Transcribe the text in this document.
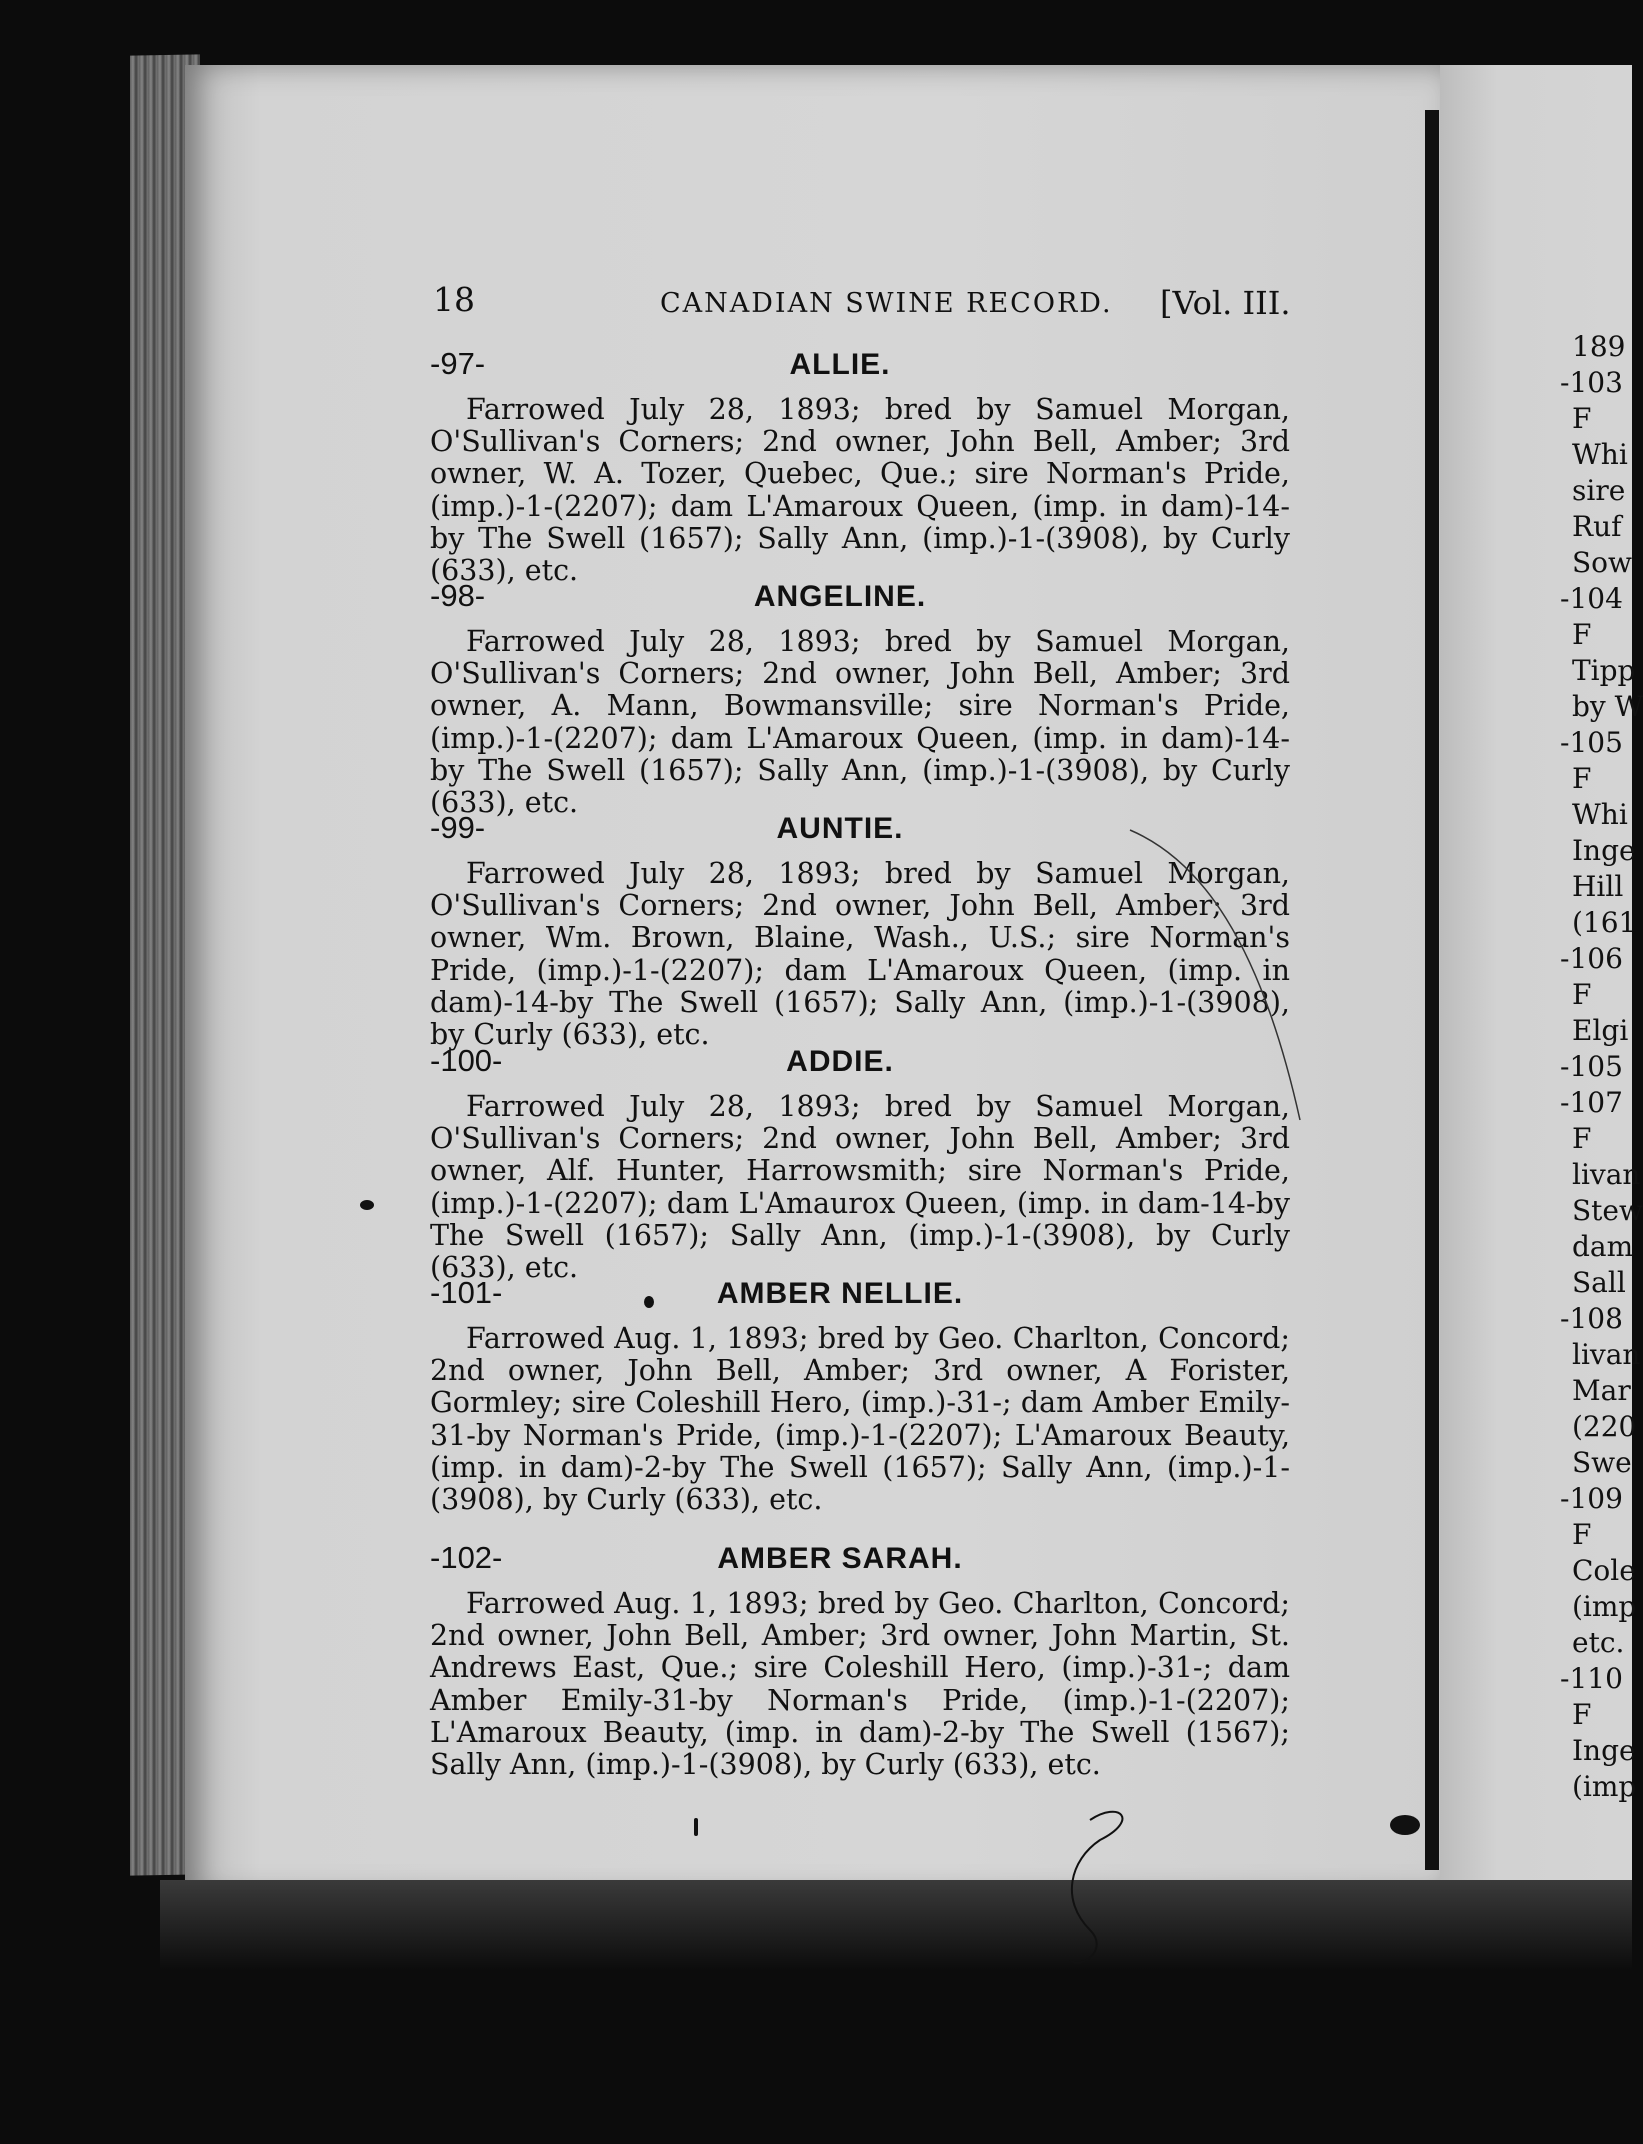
18	CANADIAN SWINE RECORD. [Vol. III.
-97-	ALLIE.
Farrowed July 28, 1893; bred by Samuel Morgan, O'Sullivan's Corners; 2nd owner, John Bell, Amber; 3rd owner, W. A. Tozer, Quebec, Que.; sire Norman's Pride, (imp.)-1-(2207); dam L'Amaroux Queen, (imp. in dam)-14-by The Swell (1657); Sally Ann, (imp.)-1-(3908), by Curly (633), etc.
-98-	ANGELINE.
Farrowed July 28, 1893; bred by Samuel Morgan, O'Sullivan's Corners; 2nd owner, John Bell, Amber; 3rd owner, A. Mann, Bowmansville; sire Norman's Pride, (imp.)-1-(2207); dam L'Amaroux Queen, (imp. in dam)-14-by The Swell (1657); Sally Ann, (imp.)-1-(3908), by Curly (633), etc.
-99-	AUNTIE.
Farrowed July 28, 1893; bred by Samuel Morgan, O'Sullivan's Corners; 2nd owner, John Bell, Amber; 3rd owner, Wm. Brown, Blaine, Wash., U.S.; sire Norman's Pride, (imp.)-1-(2207); dam L'Amaroux Queen, (imp. in dam)-14-by The Swell (1657); Sally Ann, (imp.)-1-(3908), by Curly (633), etc.
-100-	ADDIE.
Farrowed July 28, 1893; bred by Samuel Morgan, O'Sullivan's Corners; 2nd owner, John Bell, Amber; 3rd owner, Alf. Hunter, Harrowsmith; sire Norman's Pride, (imp.)-1-(2207); dam L'Amaurox Queen, (imp. in dam-14-by The Swell (1657); Sally Ann, (imp.)-1-(3908), by Curly (633), etc.
-101-	AMBER NELLIE.
Farrowed Aug. 1, 1893; bred by Geo. Charlton, Concord; 2nd owner, John Bell, Amber; 3rd owner, A Forister, Gormley; sire Coleshill Hero, (imp.)-31-; dam Amber Emily-31-by Norman's Pride, (imp.)-1-(2207); L'Amaroux Beauty, (imp. in dam)-2-by The Swell (1657); Sally Ann, (imp.)-1-(3908), by Curly (633), etc.
-102-	AMBER SARAH.
Farrowed Aug. 1, 1893; bred by Geo. Charlton, Concord; 2nd owner, John Bell, Amber; 3rd owner, John Martin, St. Andrews East, Que.; sire Coleshill Hero, (imp.)-31-; dam Amber Emily-31-by Norman's Pride, (imp.)-1-(2207); L'Amaroux Beauty, (imp. in dam)-2-by The Swell (1567); Sally Ann, (imp.)-1-(3908), by Curly (633), etc.
189
-103
F
Whi
sire
Ruf
Sow
-104
F
Tipp
by W
-105
F
Whi
Inge
Hill
(161
-106
F
Elgi
-105
-107
F
livan
Stew
dam
Sall
-108
livan
Mar
(220
Swe
-109
F
Cole
(imp
etc.
-110
F
Inge
(imp
